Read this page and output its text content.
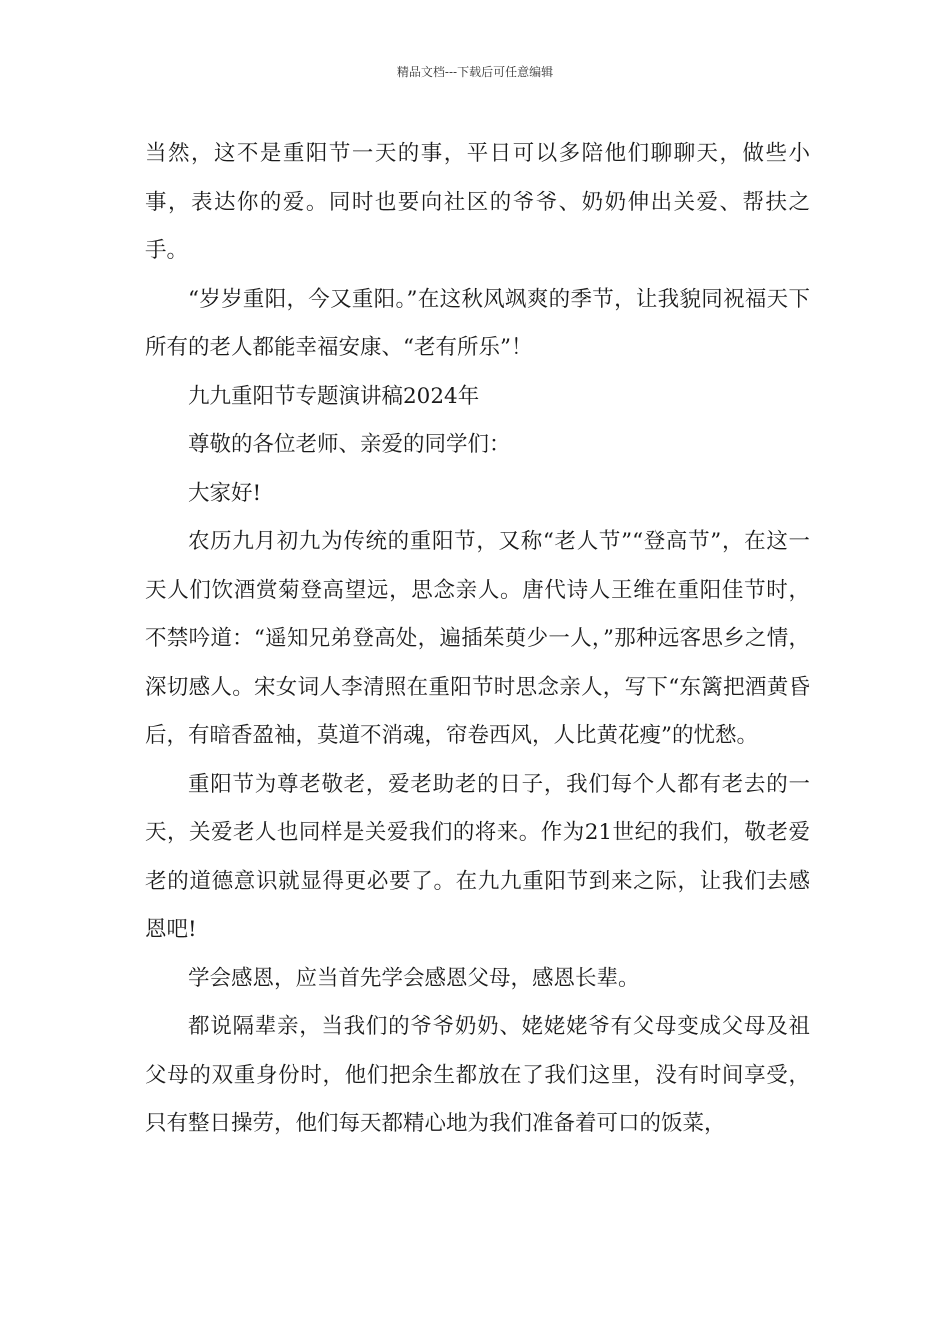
精品文档---下载后可任意编辑

当然，这不是重阳节一天的事，平日可以多陪他们聊聊天，做些小事，表达你的爱。同时也要向社区的爷爷、奶奶伸出关爱、帮扶之手。

“岁岁重阳，今又重阳。”在这秋风飒爽的季节，让我貌同祝福天下所有的老人都能幸福安康、“老有所乐”！

九九重阳节专题演讲稿2024年

尊敬的各位老师、亲爱的同学们：

大家好!

农历九月初九为传统的重阳节，又称“老人节”“登高节”，在这一天人们饮酒赏菊登高望远，思念亲人。唐代诗人王维在重阳佳节时，不禁吟道：“遥知兄弟登高处，遍插茱萸少一人，”那种远客思乡之情，深切感人。宋女词人李清照在重阳节时思念亲人，写下“东篱把酒黄昏后，有暗香盈袖，莫道不消魂，帘卷西风，人比黄花瘦”的忧愁。

重阳节为尊老敬老，爱老助老的日子，我们每个人都有老去的一天，关爱老人也同样是关爱我们的将来。作为21世纪的我们，敬老爱老的道德意识就显得更必要了。在九九重阳节到来之际，让我们去感恩吧!

学会感恩，应当首先学会感恩父母，感恩长辈。

都说隔辈亲，当我们的爷爷奶奶、姥姥姥爷有父母变成父母及祖父母的双重身份时，他们把余生都放在了我们这里，没有时间享受，只有整日操劳，他们每天都精心地为我们准备着可口的饭菜，
